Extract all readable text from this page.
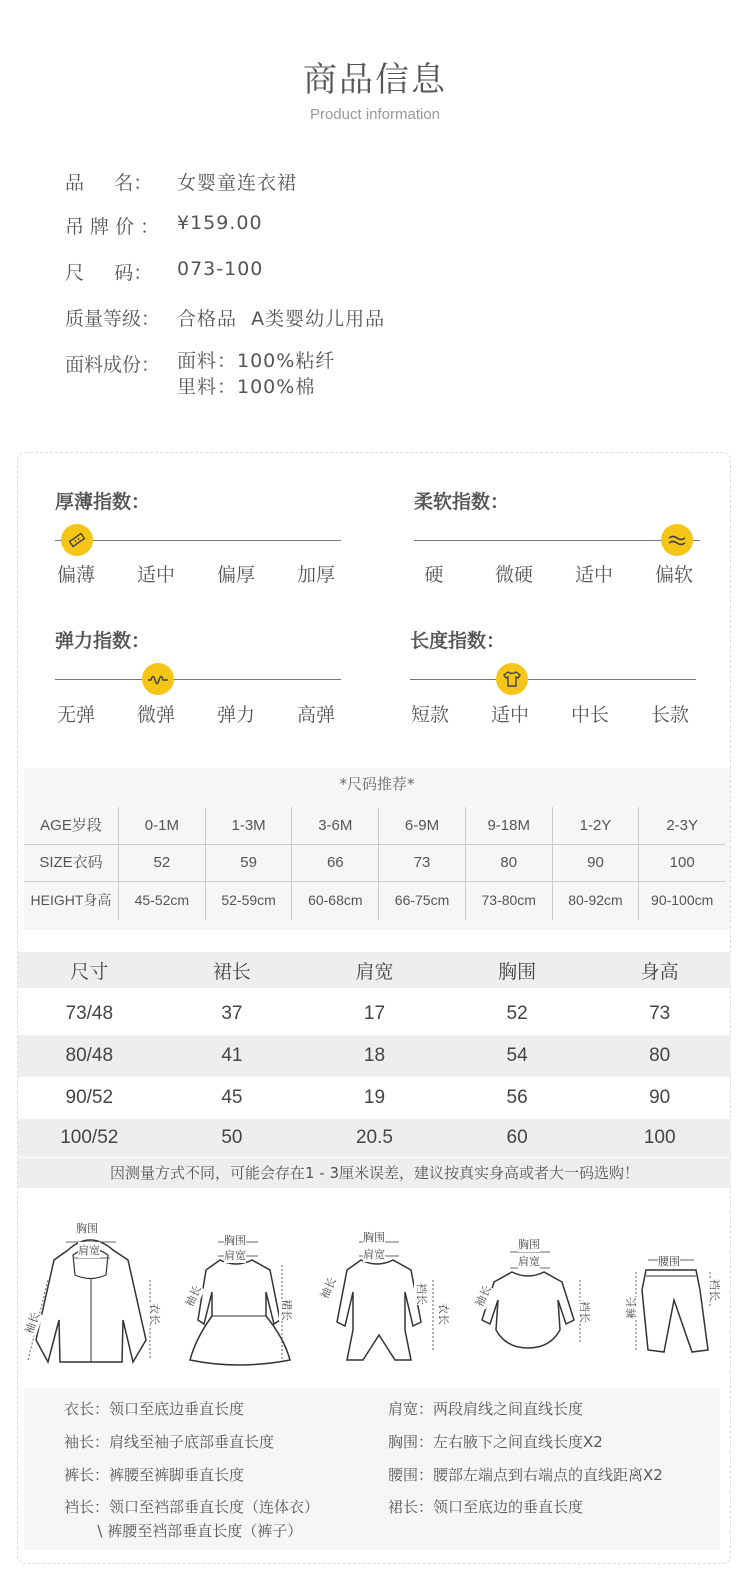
商品信息
Product information
品     名：	女婴童连衣裙
吊 牌 价 ： ¥159.00
尺     码：	073-100
质量等级： 合格品  A类婴幼儿用品
面料成份： 面料：100%粘纤
里料：100%棉
厚薄指数：
偏薄	适中	偏厚	加厚
柔软指数：
硬	微硬	适中	偏软
弹力指数：
无弹	微弹	弹力	高弹
长度指数：
短款	适中	中长	长款
*尺码推荐*
AGE岁段	0-1M	1-3M	3-6M	6-9M	9-18M	1-2Y	2-3Y
SIZE衣码	52	59	66	73	80	90	100
HEIGHT身高	45-52cm	52-59cm	60-68cm	66-75cm	73-80cm	80-92cm	90-100cm
尺寸	裙长	肩宽	胸围	身高
73/48	37	17	52	73
80/48	41	18	54	80
90/52	45	19	56	90
100/52	50	20.5	60	100
因测量方式不同，可能会存在1 - 3厘米误差，建议按真实身高或者大一码选购！
胸围
肩宽
袖长	衣长
胸围
肩宽
袖长
裙长
胸围
肩宽
袖长	裆长
衣长
胸围
肩宽
袖长
裆长
腰围
裤长
裆长
衣长：领口至底边垂直长度
袖长：肩线至袖子底部垂直长度
裤长：裤腰至裤脚垂直长度
裆长：领口至裆部垂直长度（连体衣）
\ 裤腰至裆部垂直长度（裤子）
肩宽：两段肩线之间直线长度
胸围：左右腋下之间直线长度X2
腰围：腰部左端点到右端点的直线距离X2
裙长：领口至底边的垂直长度
